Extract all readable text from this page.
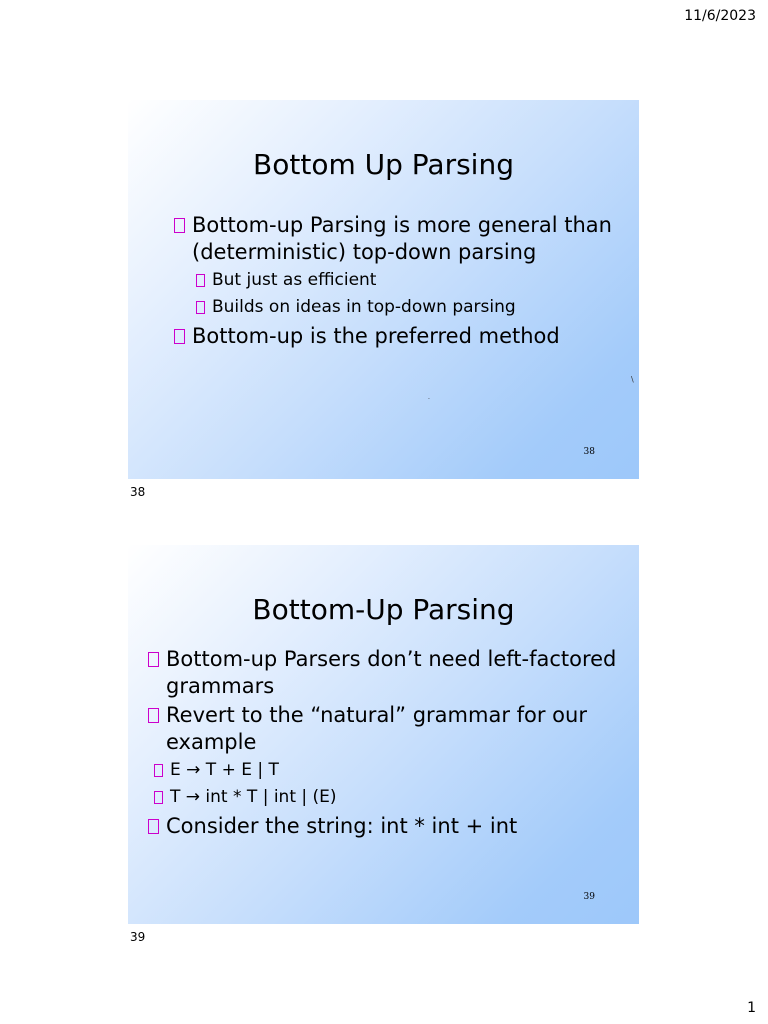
11/6/2023
Bottom Up Parsing
Bottom-up Parsing is more general than (deterministic) top-down parsing
But just as efficient
Builds on ideas in top-down parsing
Bottom-up is the preferred method
\
-
38
38
Bottom-Up Parsing
Bottom-up Parsers don’t need left-factored grammars
Revert to the “natural” grammar for our example
E → T + E | T
T → int * T | int | (E)
Consider the string: int * int + int
39
39
1
